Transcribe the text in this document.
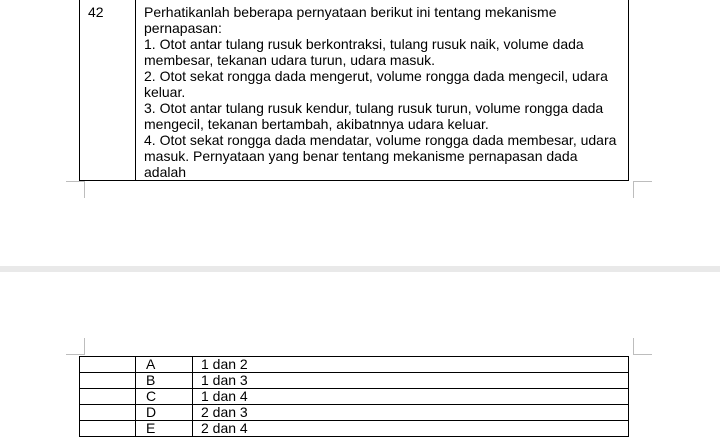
42	Perhatikanlah beberapa pernyataan berikut ini tentang mekanisme
pernapasan:
1. Otot antar tulang rusuk berkontraksi, tulang rusuk naik, volume dada
membesar, tekanan udara turun, udara masuk.
2. Otot sekat rongga dada mengerut, volume rongga dada mengecil, udara
keluar.
3. Otot antar tulang rusuk kendur, tulang rusuk turun, volume rongga dada
mengecil, tekanan bertambah, akibatnnya udara keluar.
4. Otot sekat rongga dada mendatar, volume rongga dada membesar, udara
masuk. Pernyataan yang benar tentang mekanisme pernapasan dada
adalah
	A	1 dan 2
	B	1 dan 3
	C	1 dan 4
	D	2 dan 3
	E	2 dan 4
